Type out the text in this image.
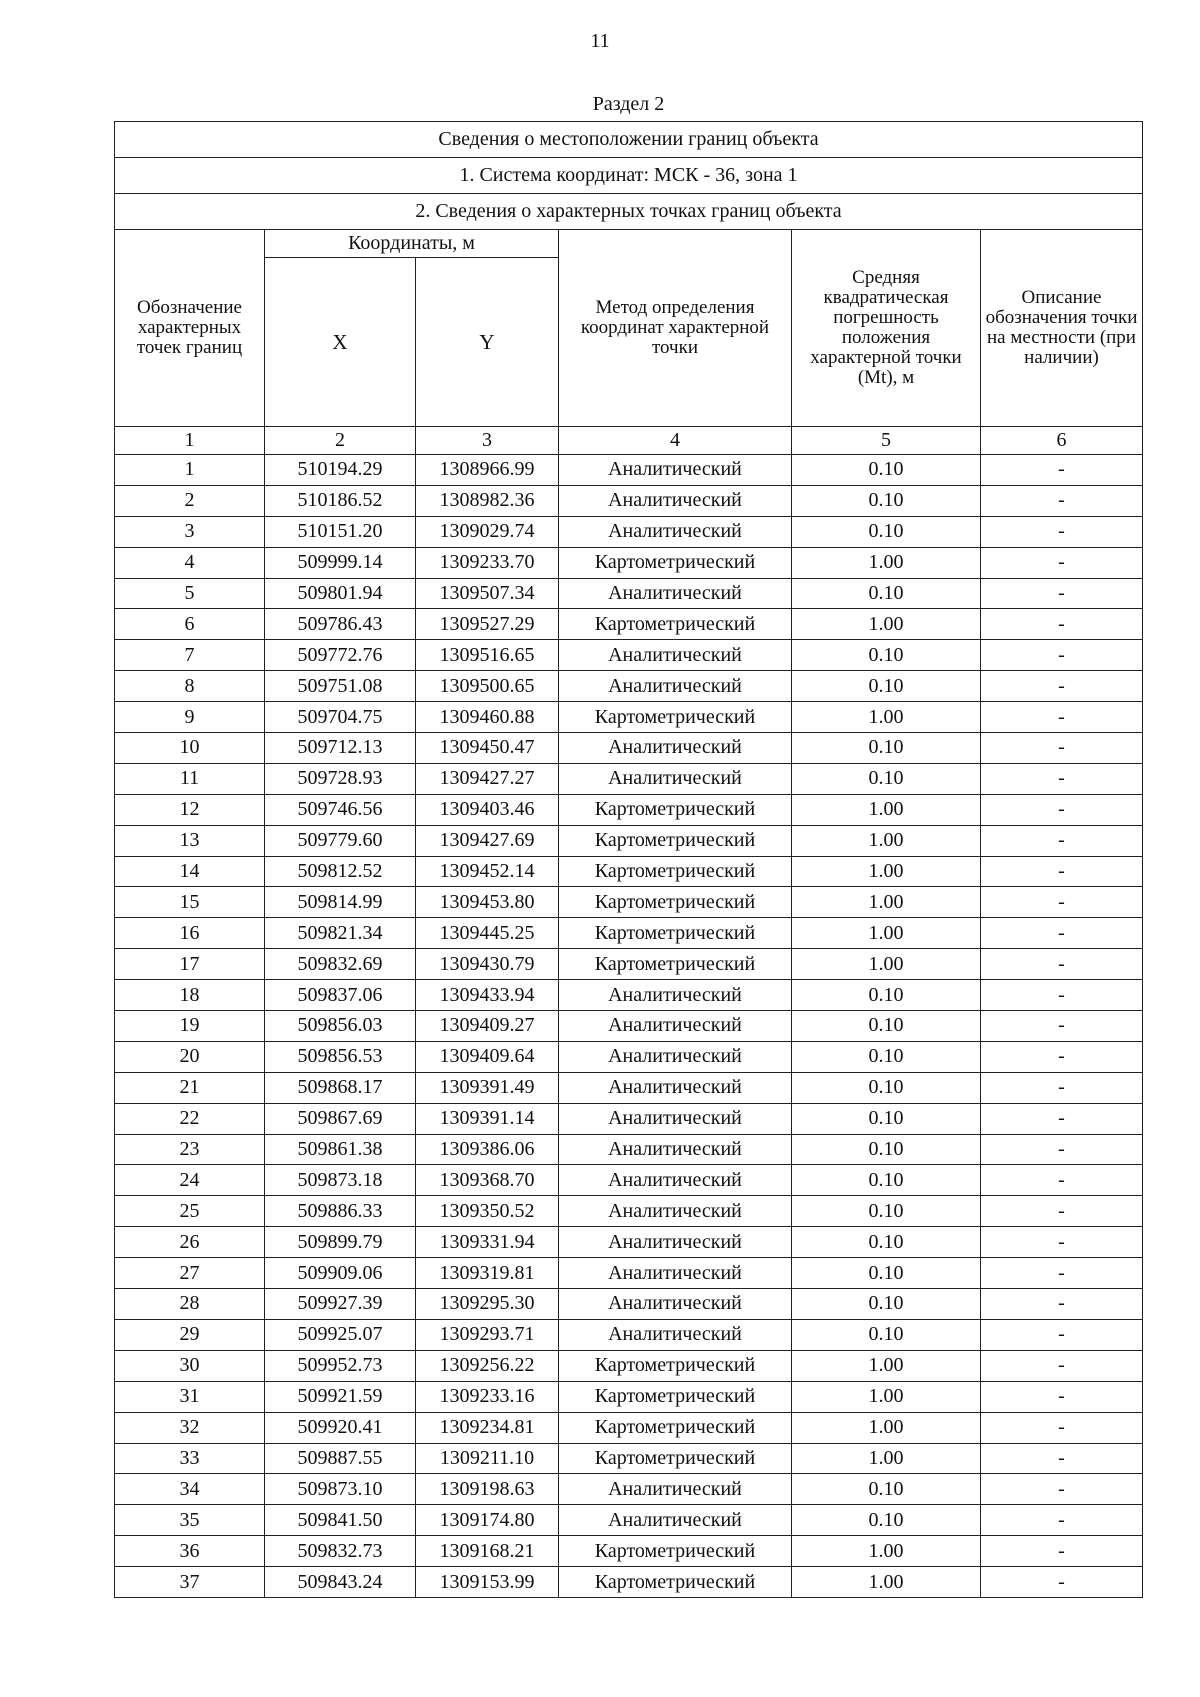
11
Раздел 2
Сведения о местоположении границ объекта					
1. Система координат: МСК - 36, зона 1					
2. Сведения о характерных точках границ объекта					
Обозначение характерных точек границ	Координаты, м		Метод определения координат характерной точки	Средняя квадратическая погрешность положения характерной точки (Mt), м	Описание обозначения точки на местности (при наличии)
	X	Y			
1	2	3	4	5	6
1	510194.29	1308966.99	Аналитический	0.10	-
2	510186.52	1308982.36	Аналитический	0.10	-
3	510151.20	1309029.74	Аналитический	0.10	-
4	509999.14	1309233.70	Картометрический	1.00	-
5	509801.94	1309507.34	Аналитический	0.10	-
6	509786.43	1309527.29	Картометрический	1.00	-
7	509772.76	1309516.65	Аналитический	0.10	-
8	509751.08	1309500.65	Аналитический	0.10	-
9	509704.75	1309460.88	Картометрический	1.00	-
10	509712.13	1309450.47	Аналитический	0.10	-
11	509728.93	1309427.27	Аналитический	0.10	-
12	509746.56	1309403.46	Картометрический	1.00	-
13	509779.60	1309427.69	Картометрический	1.00	-
14	509812.52	1309452.14	Картометрический	1.00	-
15	509814.99	1309453.80	Картометрический	1.00	-
16	509821.34	1309445.25	Картометрический	1.00	-
17	509832.69	1309430.79	Картометрический	1.00	-
18	509837.06	1309433.94	Аналитический	0.10	-
19	509856.03	1309409.27	Аналитический	0.10	-
20	509856.53	1309409.64	Аналитический	0.10	-
21	509868.17	1309391.49	Аналитический	0.10	-
22	509867.69	1309391.14	Аналитический	0.10	-
23	509861.38	1309386.06	Аналитический	0.10	-
24	509873.18	1309368.70	Аналитический	0.10	-
25	509886.33	1309350.52	Аналитический	0.10	-
26	509899.79	1309331.94	Аналитический	0.10	-
27	509909.06	1309319.81	Аналитический	0.10	-
28	509927.39	1309295.30	Аналитический	0.10	-
29	509925.07	1309293.71	Аналитический	0.10	-
30	509952.73	1309256.22	Картометрический	1.00	-
31	509921.59	1309233.16	Картометрический	1.00	-
32	509920.41	1309234.81	Картометрический	1.00	-
33	509887.55	1309211.10	Картометрический	1.00	-
34	509873.10	1309198.63	Аналитический	0.10	-
35	509841.50	1309174.80	Аналитический	0.10	-
36	509832.73	1309168.21	Картометрический	1.00	-
37	509843.24	1309153.99	Картометрический	1.00	-
